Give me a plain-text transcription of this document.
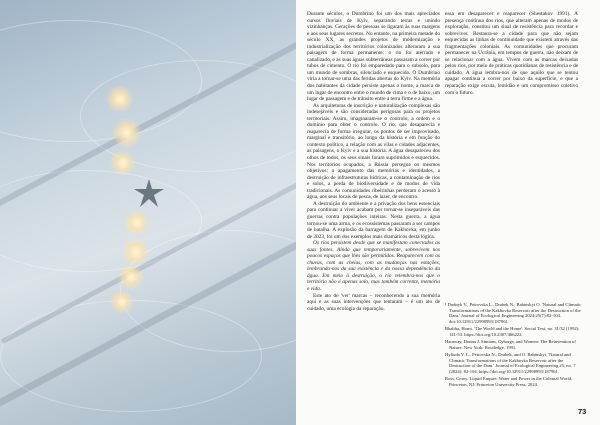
Durante séculos, o Dumbrino foi um dos mais apreciados cursos fluviais de Kyiv, separando terras e unindo vizinhanças. Gerações de pessoas se ligaram às suas margens e aos seus lugares secretos. No entanto, na primeira metade do século XX, as grandes projetos de modernização e industrialização dos territórios colonizados alteraram a sua paisagem de forma permanente: o rio foi aterrado e canalizado, e as suas águas subterrâneas passaram a correr por tubos de cimento. O rio foi emparedado para o subsolo, para um mundo de sombras, silenciado e esquecido. O Dumbrino viria a tornar-se uma das feridas abertas do Kyiv. Na memória dos habitantes da cidade persiste apenas o nome, a marca de um lugar de encontro entre o mundo de cima e o de baixo, um lugar de passagem e de trânsito entre a terra firme e a água.

As arquiteturas de inscrição e naturalização complexas são indesejáveis e são consideradas perigosas para os projetos territoriais. Assim, imaginaram-se o controlo, a ordem e o domínio para obter o controlo. O rio, que desaparecia e reaparecia de forma irregular, os pontos de ser improvisado, marginal e transitório, ao longo da história e em função do contexto político, a relação com as vilas e cidades adjacentes, as paisagens, o Kyiv e a sua história. A água desapareceu dos olhos de todos, os seus sinais foram suprimidos e esquecidos. Nos territórios ocupados, a Rússia persegue os mesmos objetivos: o apagamento das memórias e identidades, a destruição de infraestruturas hídricas, a contaminação de rios e solos, a perda de biodiversidade e de modos de vida tradicionais. As comunidades ribeirinhas perderam o acesso à água, aos seus locais de pesca, de lazer, de encontro.

A destruição do ambiente e a privação dos bens essenciais para continuar a viver acabam por tornar-se inseparáveis das guerras contra populações inteiras. Nesta guerra, a água tornou-se uma arma, e os ecossistemas passaram a ser campos de batalha. A explosão da barragem de Kakhovka, em junho de 2023, foi um dos exemplos mais dramáticos desta lógica.

Os rios persistem desde que se manifestam conectados as suas fontes. Ainda que temporariamente, sobrevivem nos poucos espaços que lhes são permitidos. Reaparecem com as chuvas, com as cheias, com as mudanças nas estações, lembrando-nos da sua existência e da nossa dependência da água. Em meio à destruição, o rio relembra-nos que o território não é apenas solo, mas também corrente, memória e vida.

Este ato de 'ver' marcas – reconhecendo a sua memória aqui e as suas intervenções que tentaram – é um ato de cuidado, uma ecologia da reparação.

essa em desaparecer e reaparecer (Shestakov 1991). A presença contínua dos rios, que alteram apenas de modos de exploração, constitui um sinal de resistência para recordar e sobreviver. Restaura-se a cidade para que não sejam esquecidas as linhas de continuidade que existem através das fragmentações coloniais. As comunidades que procuram permanecer na Ucrânia, em tempos de guerra, não deixam de se relacionar com a água. Vivem com as marcas deixadas pelos rios, por meio de práticas quotidianas de resistência e de cuidado. A água lembra-nos de que aquilo que se tentou apagar continua a correr por baixo da superfície, e que a reparação exige escuta, lentidão e um compromisso coletivo com o futuro.

¹ Dudnyk V., Petrovska L., Drabek N., Babinskyi O. 'Natural and Climatic Transformations of the Kakhovka Reservoir after the Destruction of the Dam.' Journal of Ecological Engineering 2024;25(7):82-104. doi:10.12911/22998993/187961.

Bhabha, Homi. 'The World and the Home'. Social Text, no. 31/32 (1992): 141-53. https://doi.org/10.2307/466222.

Haraway, Donna J. Simians, Cyborgs, and Women: The Reinvention of Nature. New York: Routledge, 1991.

Hyliuda V. L., Petrovska N., Drabek, and O. Babinskyi. 'Natural and Climatic Transformations of the Kakhovka Reservoir after the Destruction of the Dam.' Journal of Ecological Engineering 25, no. 7 (2024): 82-104. https://doi.org/10.12911/22998993/187961.

Ross, Corey. Liquid Empire: Water and Power in the Colonial World. Princeton, NJ: Princeton University Press, 2024.

73
